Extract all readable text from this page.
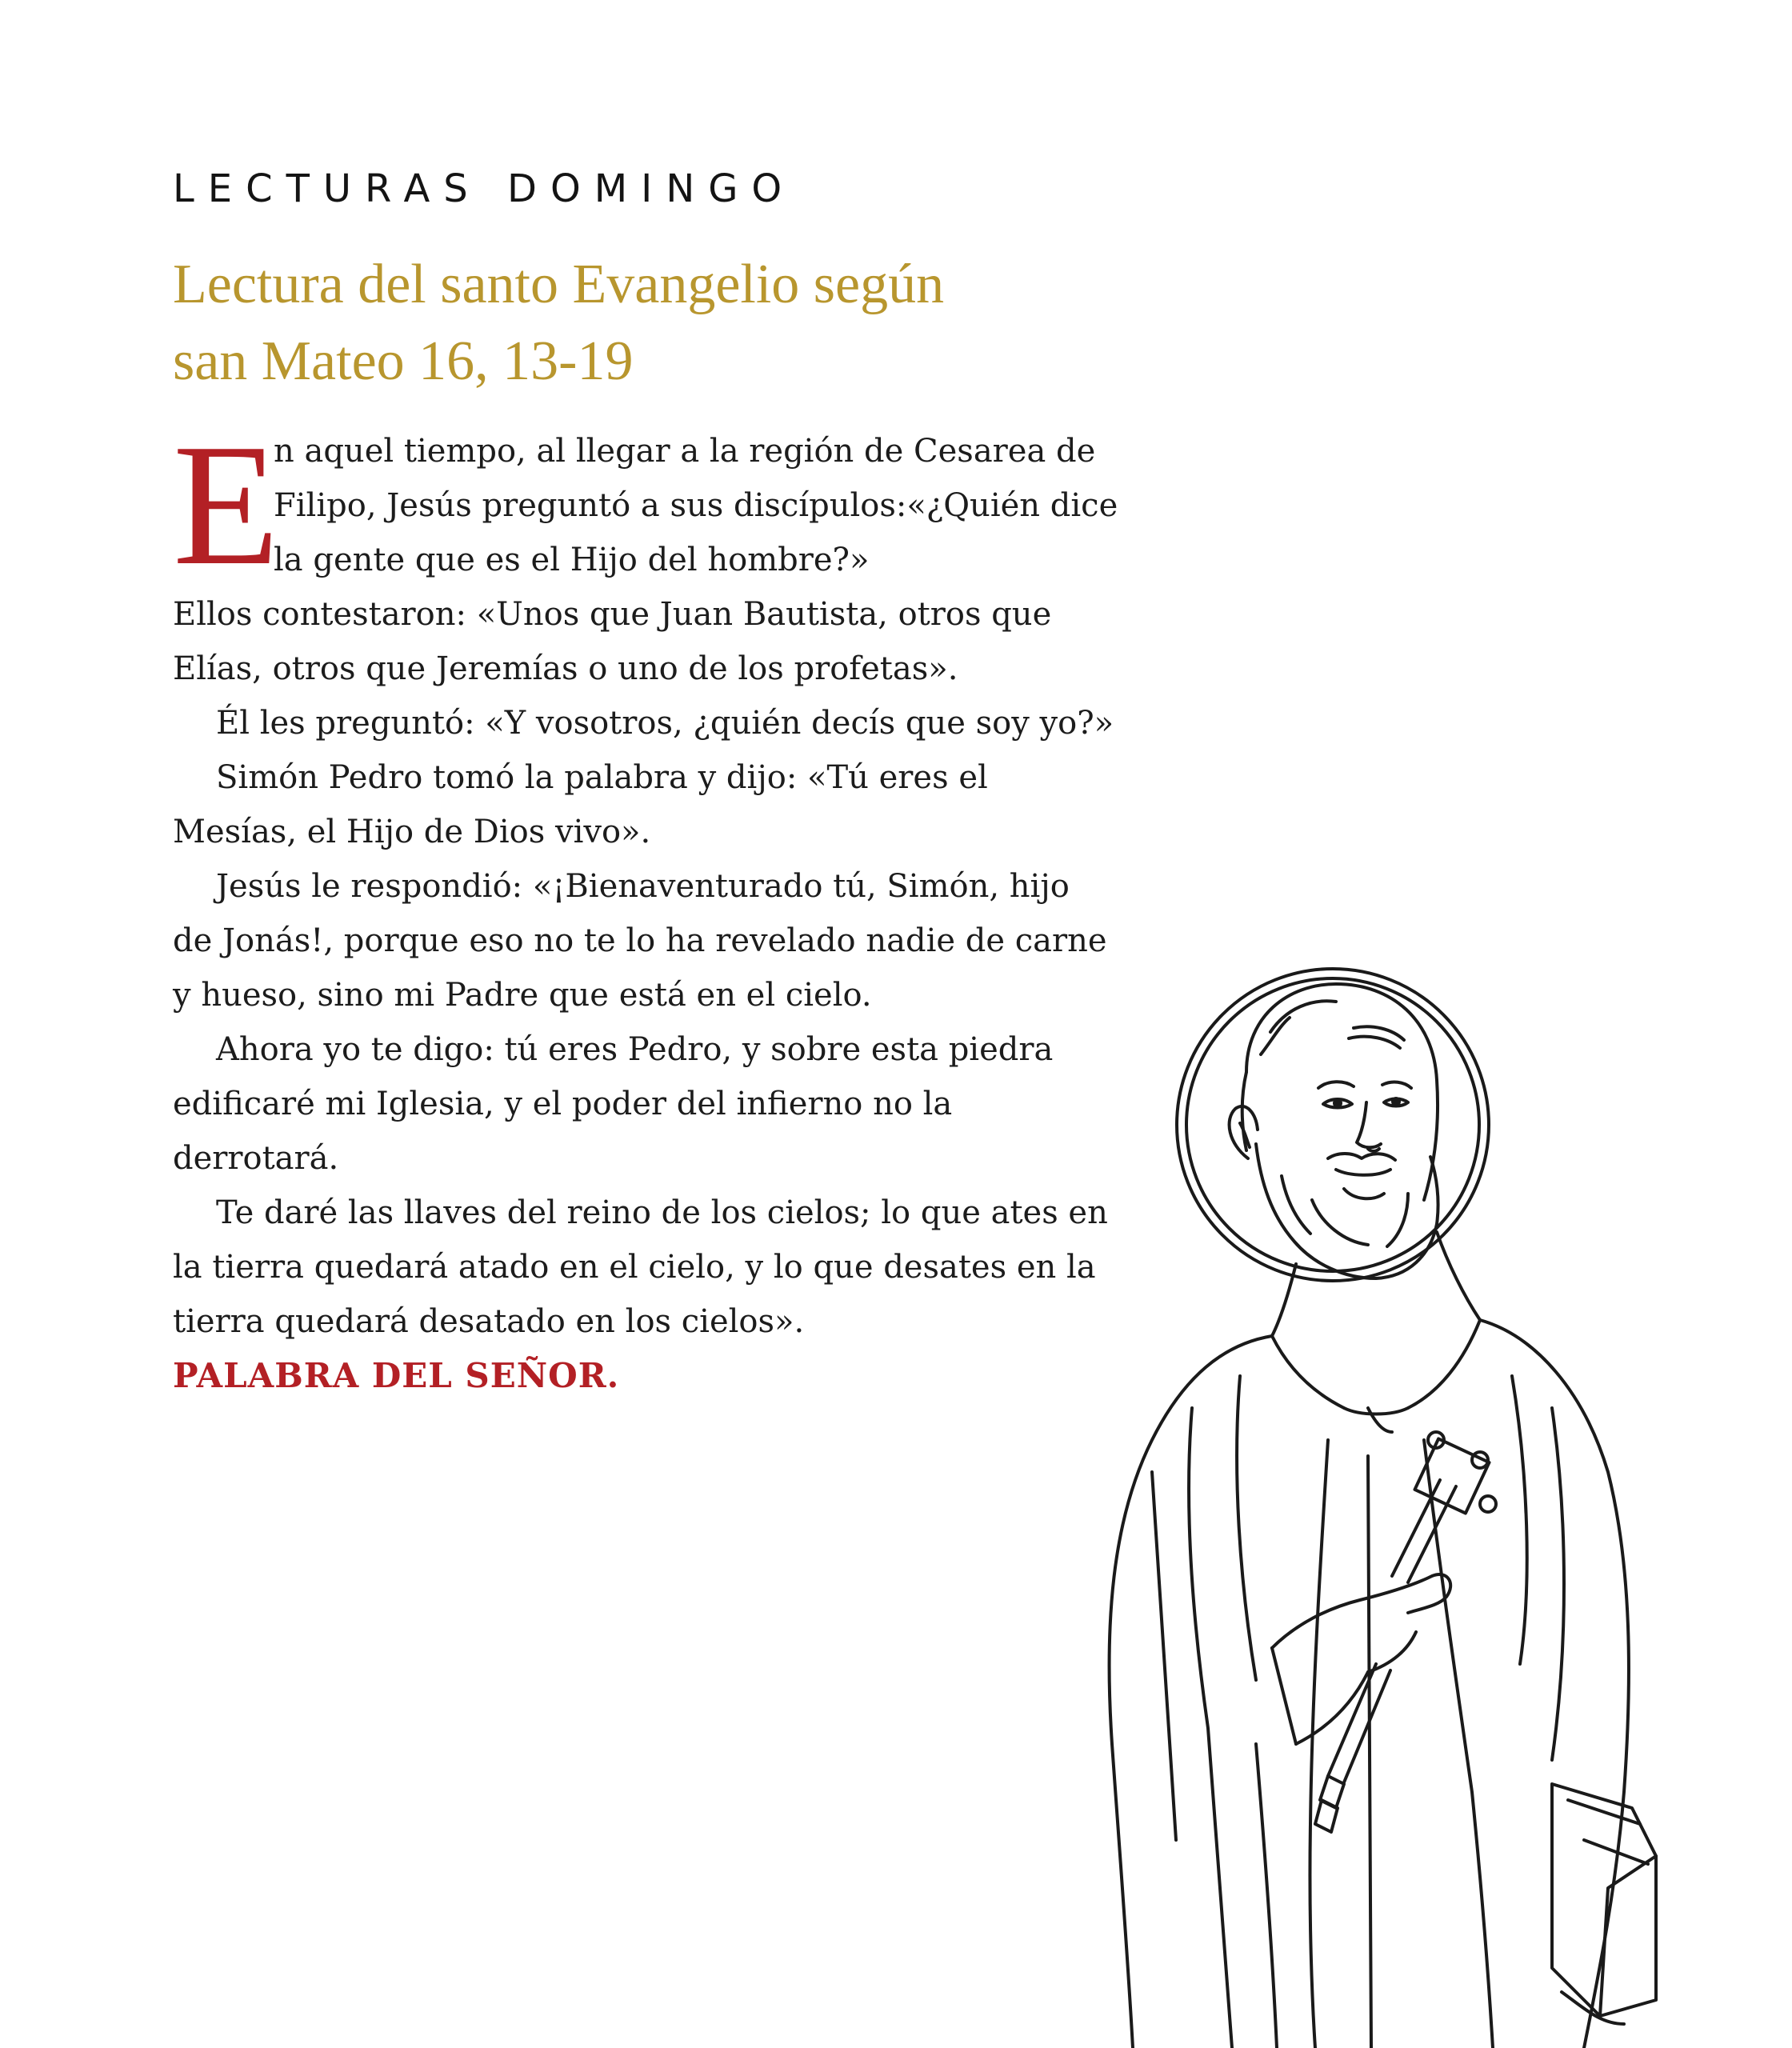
LECTURAS DOMINGO
Lectura del santo Evangelio según
san Mateo 16, 13-19
E
n aquel tiempo, al llegar a la región de Cesarea de
Filipo, Jesús preguntó a sus discípulos:«¿Quién dice
la gente que es el Hijo del hombre?»
Ellos contestaron: «Unos que Juan Bautista, otros que
Elías, otros que Jeremías o uno de los profetas».
Él les preguntó: «Y vosotros, ¿quién decís que soy yo?»
Simón Pedro tomó la palabra y dijo: «Tú eres el
Mesías, el Hijo de Dios vivo».
Jesús le respondió: «¡Bienaventurado tú, Simón, hijo
de Jonás!, porque eso no te lo ha revelado nadie de carne
y hueso, sino mi Padre que está en el cielo.
Ahora yo te digo: tú eres Pedro, y sobre esta piedra
edificaré mi Iglesia, y el poder del infierno no la
derrotará.
Te daré las llaves del reino de los cielos; lo que ates en
la tierra quedará atado en el cielo, y lo que desates en la
tierra quedará desatado en los cielos».
PALABRA DEL SEÑOR.
